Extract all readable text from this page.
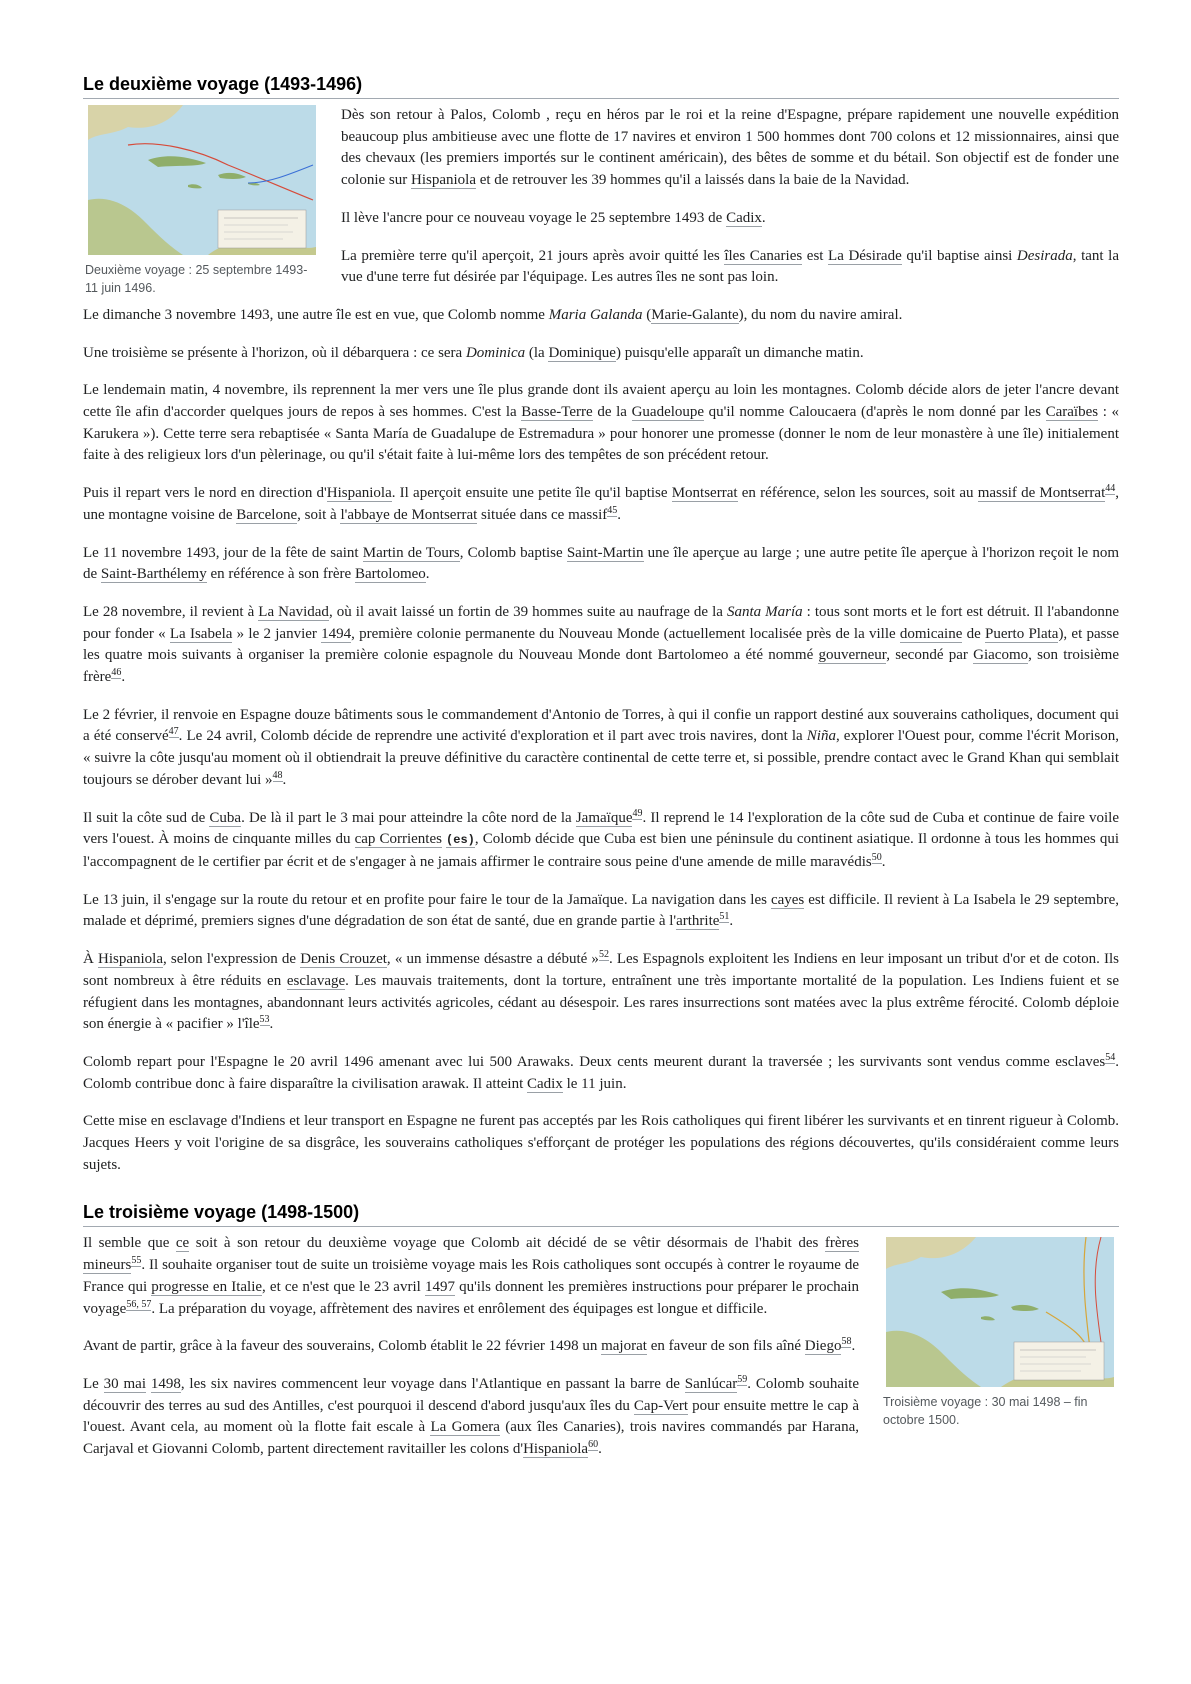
Le deuxième voyage (1493-1496)
Deuxième voyage : 25 septembre 1493-11 juin 1496.

Dès son retour à Palos, Colomb , reçu en héros par le roi et la reine d'Espagne, prépare rapidement une nouvelle expédition beaucoup plus ambitieuse avec une flotte de 17 navires et environ 1 500 hommes dont 700 colons et 12 missionnaires, ainsi que des chevaux (les premiers importés sur le continent américain), des bêtes de somme et du bétail. Son objectif est de fonder une colonie sur Hispaniola et de retrouver les 39 hommes qu'il a laissés dans la baie de la Navidad.

Il lève l'ancre pour ce nouveau voyage le 25 septembre 1493 de Cadix.

La première terre qu'il aperçoit, 21 jours après avoir quitté les îles Canaries est La Désirade qu'il baptise ainsi Desirada, tant la vue d'une terre fut désirée par l'équipage. Les autres îles ne sont pas loin.

Le dimanche 3 novembre 1493, une autre île est en vue, que Colomb nomme Maria Galanda (Marie-Galante), du nom du navire amiral.

Une troisième se présente à l'horizon, où il débarquera : ce sera Dominica (la Dominique) puisqu'elle apparaît un dimanche matin.

Le lendemain matin, 4 novembre, ils reprennent la mer vers une île plus grande dont ils avaient aperçu au loin les montagnes. Colomb décide alors de jeter l'ancre devant cette île afin d'accorder quelques jours de repos à ses hommes. C'est la Basse-Terre de la Guadeloupe qu'il nomme Caloucaera (d'après le nom donné par les Caraïbes : « Karukera »). Cette terre sera rebaptisée « Santa María de Guadalupe de Estremadura » pour honorer une promesse (donner le nom de leur monastère à une île) initialement faite à des religieux lors d'un pèlerinage, ou qu'il s'était faite à lui-même lors des tempêtes de son précédent retour.

Puis il repart vers le nord en direction d'Hispaniola. Il aperçoit ensuite une petite île qu'il baptise Montserrat en référence, selon les sources, soit au massif de Montserrat$^{44}$, une montagne voisine de Barcelone, soit à l'abbaye de Montserrat située dans ce massif$^{45}$.

Le 11 novembre 1493, jour de la fête de saint Martin de Tours, Colomb baptise Saint-Martin une île aperçue au large ; une autre petite île aperçue à l'horizon reçoit le nom de Saint-Barthélemy en référence à son frère Bartolomeo.

Le 28 novembre, il revient à La Navidad, où il avait laissé un fortin de 39 hommes suite au naufrage de la Santa María : tous sont morts et le fort est détruit. Il l'abandonne pour fonder « La Isabela » le 2 janvier 1494, première colonie permanente du Nouveau Monde (actuellement localisée près de la ville domicaine de Puerto Plata), et passe les quatre mois suivants à organiser la première colonie espagnole du Nouveau Monde dont Bartolomeo a été nommé gouverneur, secondé par Giacomo, son troisième frère$^{46}$.

Le 2 février, il renvoie en Espagne douze bâtiments sous le commandement d'Antonio de Torres, à qui il confie un rapport destiné aux souverains catholiques, document qui a été conservé$^{47}$. Le 24 avril, Colomb décide de reprendre une activité d'exploration et il part avec trois navires, dont la Niña, explorer l'Ouest pour, comme l'écrit Morison, « suivre la côte jusqu'au moment où il obtiendrait la preuve définitive du caractère continental de cette terre et, si possible, prendre contact avec le Grand Khan qui semblait toujours se dérober devant lui »$^{48}$.

Il suit la côte sud de Cuba. De là il part le 3 mai pour atteindre la côte nord de la Jamaïque$^{49}$. Il reprend le 14 l'exploration de la côte sud de Cuba et continue de faire voile vers l'ouest. À moins de cinquante milles du cap Corrientes (es), Colomb décide que Cuba est bien une péninsule du continent asiatique. Il ordonne à tous les hommes qui l'accompagnent de le certifier par écrit et de s'engager à ne jamais affirmer le contraire sous peine d'une amende de mille maravédis$^{50}$.

Le 13 juin, il s'engage sur la route du retour et en profite pour faire le tour de la Jamaïque. La navigation dans les cayes est difficile. Il revient à La Isabela le 29 septembre, malade et déprimé, premiers signes d'une dégradation de son état de santé, due en grande partie à l'arthrite$^{51}$.

À Hispaniola, selon l'expression de Denis Crouzet, « un immense désastre a débuté »$^{52}$. Les Espagnols exploitent les Indiens en leur imposant un tribut d'or et de coton. Ils sont nombreux à être réduits en esclavage. Les mauvais traitements, dont la torture, entraînent une très importante mortalité de la population. Les Indiens fuient et se réfugient dans les montagnes, abandonnant leurs activités agricoles, cédant au désespoir. Les rares insurrections sont matées avec la plus extrême férocité. Colomb déploie son énergie à « pacifier » l'île$^{53}$.

Colomb repart pour l'Espagne le 20 avril 1496 amenant avec lui 500 Arawaks. Deux cents meurent durant la traversée ; les survivants sont vendus comme esclaves$^{54}$. Colomb contribue donc à faire disparaître la civilisation arawak. Il atteint Cadix le 11 juin.

Cette mise en esclavage d'Indiens et leur transport en Espagne ne furent pas acceptés par les Rois catholiques qui firent libérer les survivants et en tinrent rigueur à Colomb. Jacques Heers y voit l'origine de sa disgrâce, les souverains catholiques s'efforçant de protéger les populations des régions découvertes, qu'ils considéraient comme leurs sujets.

Le troisième voyage (1498-1500)
Troisième voyage : 30 mai 1498 – fin octobre 1500.

Il semble que ce soit à son retour du deuxième voyage que Colomb ait décidé de se vêtir désormais de l'habit des frères mineurs$^{55}$. Il souhaite organiser tout de suite un troisième voyage mais les Rois catholiques sont occupés à contrer le royaume de France qui progresse en Italie, et ce n'est que le 23 avril 1497 qu'ils donnent les premières instructions pour préparer le prochain voyage$^{56, 57}$. La préparation du voyage, affrètement des navires et enrôlement des équipages est longue et difficile.

Avant de partir, grâce à la faveur des souverains, Colomb établit le 22 février 1498 un majorat en faveur de son fils aîné Diego$^{58}$.

Le 30 mai 1498, les six navires commencent leur voyage dans l'Atlantique en passant la barre de Sanlúcar$^{59}$. Colomb souhaite découvrir des terres au sud des Antilles, c'est pourquoi il descend d'abord jusqu'aux îles du Cap-Vert pour ensuite mettre le cap à l'ouest. Avant cela, au moment où la flotte fait escale à La Gomera (aux îles Canaries), trois navires commandés par Harana, Carjaval et Giovanni Colomb, partent directement ravitailler les colons d'Hispaniola$^{60}$.
